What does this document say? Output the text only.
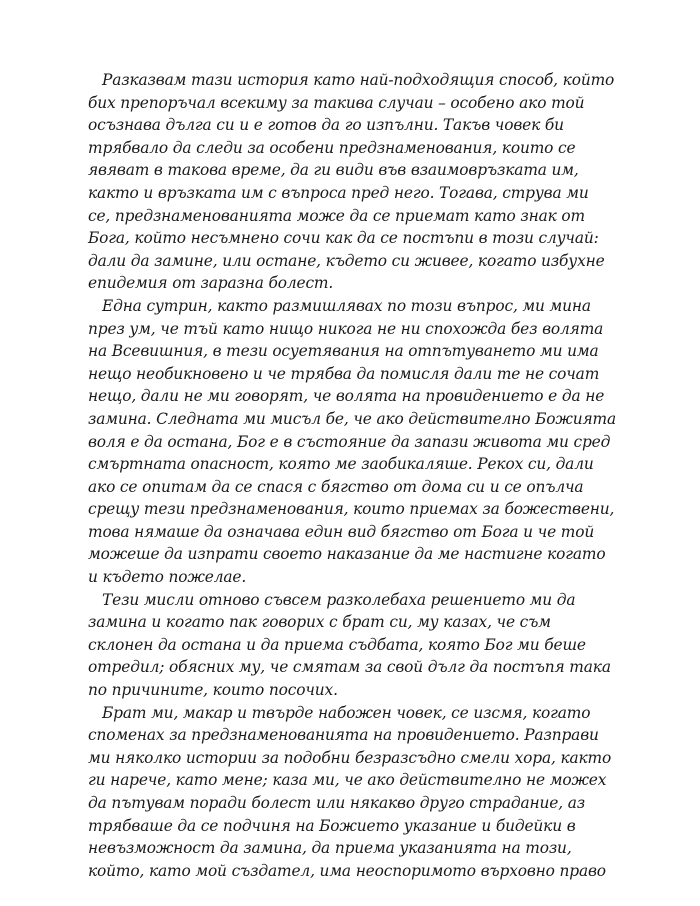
Разказвам тази история като най-подходящия способ, който
бих препоръчал всекиму за такива случаи – особено ако той
осъзнава дълга си и е готов да го изпълни. Такъв човек би
трябвало да следи за особени предзнаменования, които се
явяват в такова време, да ги види във взаимовръзката им,
както и връзката им с въпроса пред него. Тогава, струва ми
се, предзнаменованията може да се приемат като знак от
Бога, който несъмнено сочи как да се постъпи в този случай:
дали да замине, или остане, където си живее, когато избухне
епидемия от заразна болест.
Една сутрин, както размишлявах по този въпрос, ми мина
през ум, че тъй като нищо никога не ни спохожда без волята
на Всевишния, в тези осуетявания на отпътуването ми има
нещо необикновено и че трябва да помисля дали те не сочат
нещо, дали не ми говорят, че волята на провидението е да не
замина. Следната ми мисъл бе, че ако действително Божията
воля е да остана, Бог е в състояние да запази живота ми сред
смъртната опасност, която ме заобикаляше. Рекох си, дали
ако се опитам да се спася с бягство от дома си и се опълча
срещу тези предзнаменования, които приемах за божествени,
това нямаше да означава един вид бягство от Бога и че той
можеше да изпрати своето наказание да ме настигне когато
и където пожелае.
Тези мисли отново съвсем разколебаха решението ми да
замина и когато пак говорих с брат си, му казах, че съм
склонен да остана и да приема съдбата, която Бог ми беше
отредил; обясних му, че смятам за свой дълг да постъпя така
по причините, които посочих.
Брат ми, макар и твърде набожен човек, се изсмя, когато
споменах за предзнаменованията на провидението. Разправи
ми няколко истории за подобни безразсъдно смели хора, както
ги нарече, като мене; каза ми, че ако действително не можех
да пътувам поради болест или някакво друго страдание, аз
трябваше да се подчиня на Божието указание и бидейки в
невъзможност да замина, да приема указанията на този,
който, като мой създател, има неоспоримото върховно право
